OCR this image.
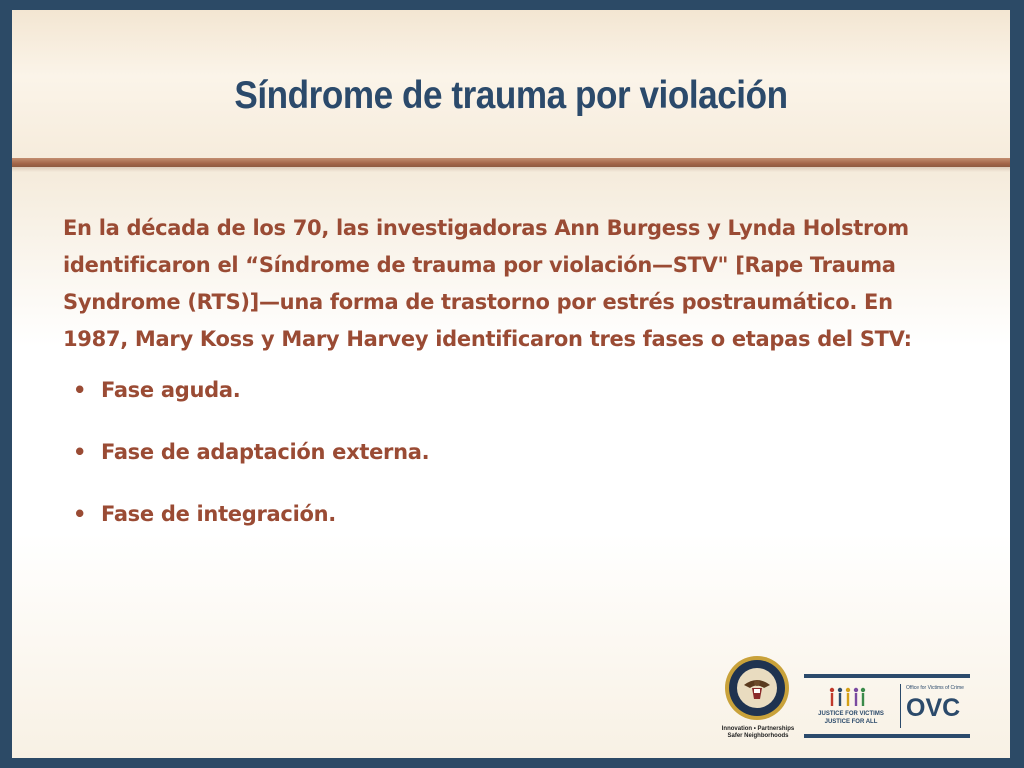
Síndrome de trauma por violación

En la década de los 70, las investigadoras Ann Burgess y Lynda Holstrom identificaron el “Síndrome de trauma por violación—STV" [Rape Trauma Syndrome (RTS)]—una forma de trastorno por estrés postraumático. En 1987, Mary Koss y Mary Harvey identificaron tres fases o etapas del STV:

• Fase aguda.
• Fase de adaptación externa.
• Fase de integración.
Innovation • Partnerships
Safer Neighborhoods
JUSTICE FOR VICTIMS
JUSTICE FOR ALL
Office for Victims of Crime
OVC
